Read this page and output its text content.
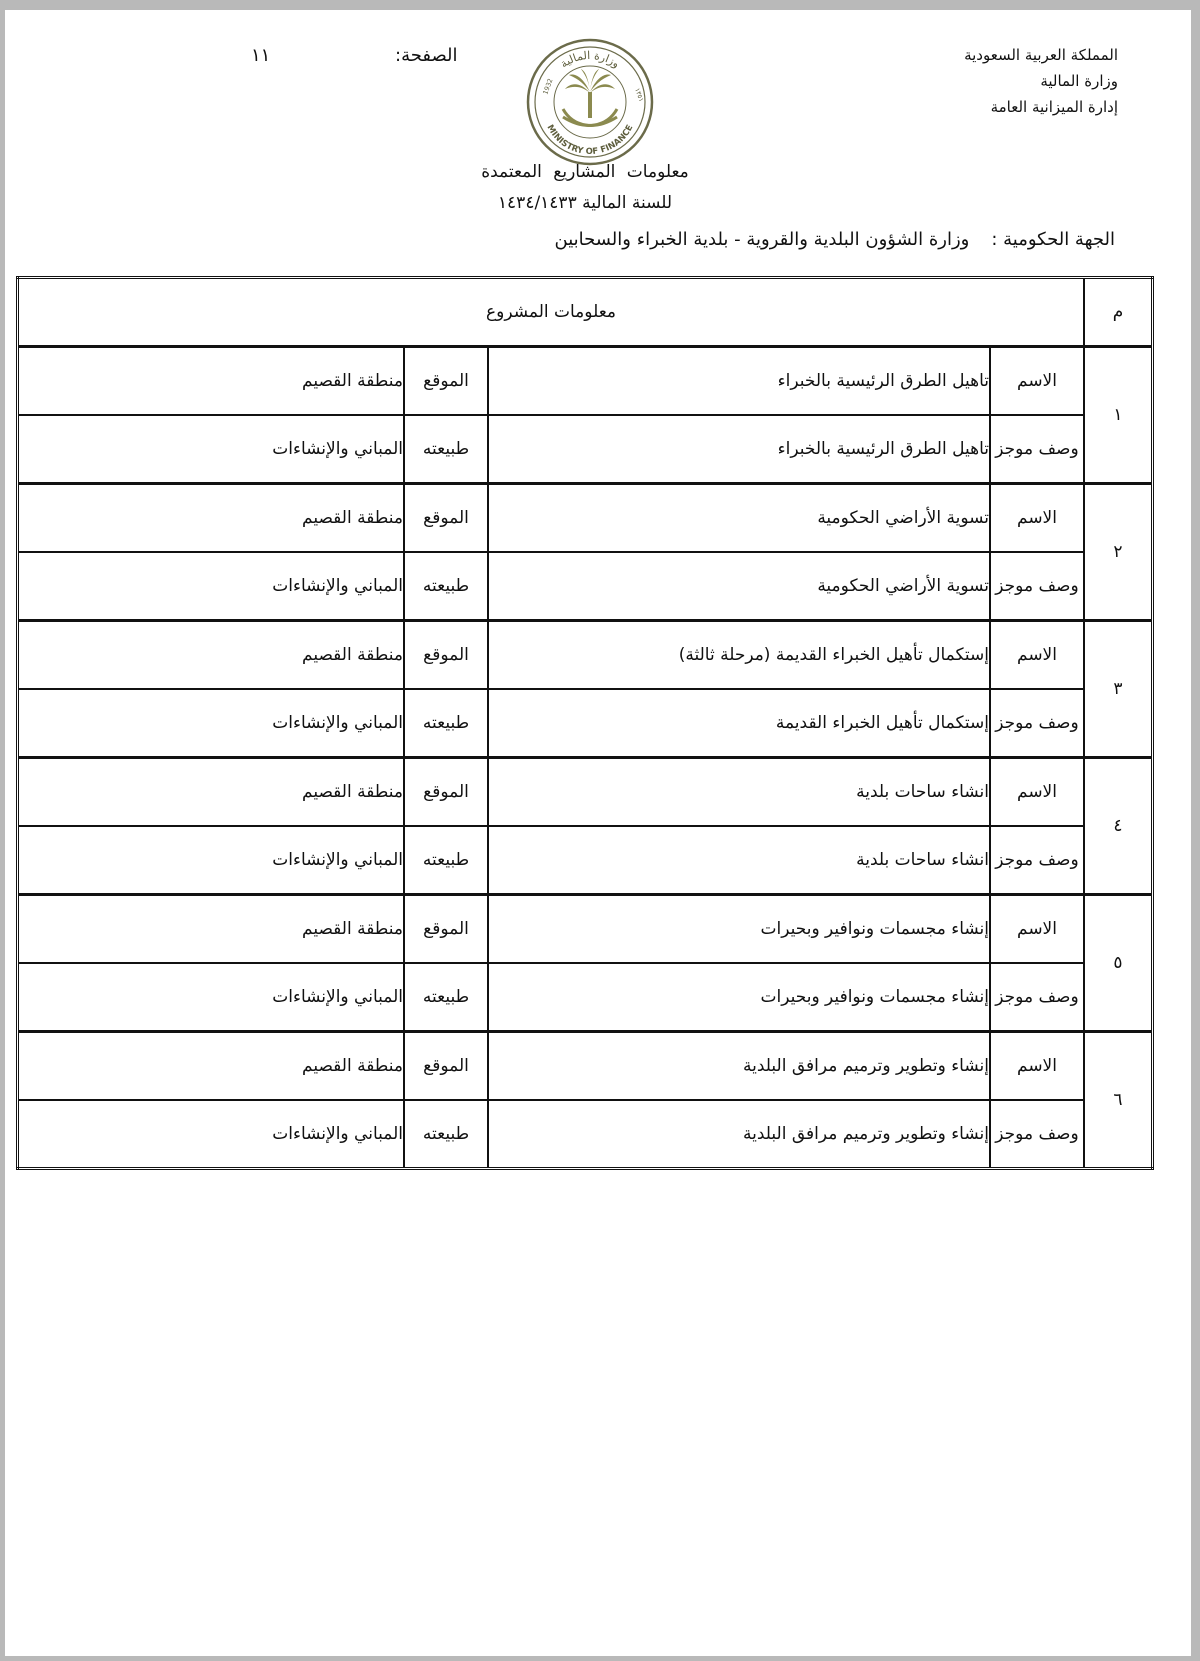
المملكة العربية السعودية
وزارة المالية
إدارة الميزانية العامة
الصفحة:
١١	وزارة المالية
MINISTRY OF FINANCE
1932	١٣٥١
معلومات المشاريع المعتمدة
للسنة المالية ١٤٣٤/١٤٣٣
الجهة الحكومية :وزارة الشؤون البلدية والقروية - بلدية الخبراء والسحابين
م	معلومات المشروع			
١	الاسم	تاهيل الطرق الرئيسية بالخبراء	الموقع	منطقة القصيم
	وصف موجز	تاهيل الطرق الرئيسية بالخبراء	طبيعته	المباني والإنشاءات
٢	الاسم	تسوية الأراضي الحكومية	الموقع	منطقة القصيم
	وصف موجز	تسوية الأراضي الحكومية	طبيعته	المباني والإنشاءات
٣	الاسم	إستكمال تأهيل الخبراء القديمة (مرحلة ثالثة)	الموقع	منطقة القصيم
	وصف موجز	إستكمال تأهيل الخبراء القديمة	طبيعته	المباني والإنشاءات
٤	الاسم	انشاء ساحات بلدية	الموقع	منطقة القصيم
	وصف موجز	انشاء ساحات بلدية	طبيعته	المباني والإنشاءات
٥	الاسم	إنشاء مجسمات ونوافير وبحيرات	الموقع	منطقة القصيم
	وصف موجز	إنشاء مجسمات ونوافير وبحيرات	طبيعته	المباني والإنشاءات
٦	الاسم	إنشاء وتطوير وترميم مرافق البلدية	الموقع	منطقة القصيم
	وصف موجز	إنشاء وتطوير وترميم مرافق البلدية	طبيعته	المباني والإنشاءات
